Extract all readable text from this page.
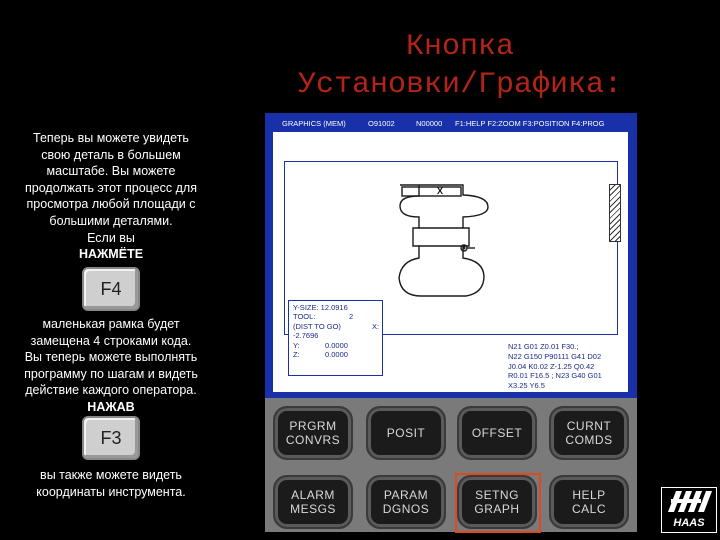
Кнопка
Установки/Графика:
Теперь вы можете увидеть
свою деталь в большем
масштабе. Вы можете
продолжать этот процесс для
просмотра любой площади с
большими деталями.
Если вы
НАЖМЁТЕ
F4
маленькая рамка будет
замещена 4 строками кода.
Вы теперь можете выполнять
программу по шагам и видеть
действие каждого оператора.
НАЖАВ
F3
вы также можете видеть
координаты инструмента.
GRAPHICS (MEM)	O91002	N00000 F1:HELP F2:ZOOM F3:POSITION F4:PROG
X
Y-SIZE: 12.0916
TOOL:	2
(DIST TO GO)	X:
-2.7696
Y:	0.0000
Z:	0.0000
N21 G01 Z0.01 F30.;
N22 G150 P90111 G41 D02
J0.04 K0.02 Z-1.25 Q0.42
R0.01 F16.5 ; N23 G40 G01
X3.25 Y6.5
PRGRM
CONVRS	POSIT	OFFSET	CURNT
COMDS
ALARM
MESGS
PARAM
DGNOS
SETNG
GRAPH
HELP
CALC
HAAS
